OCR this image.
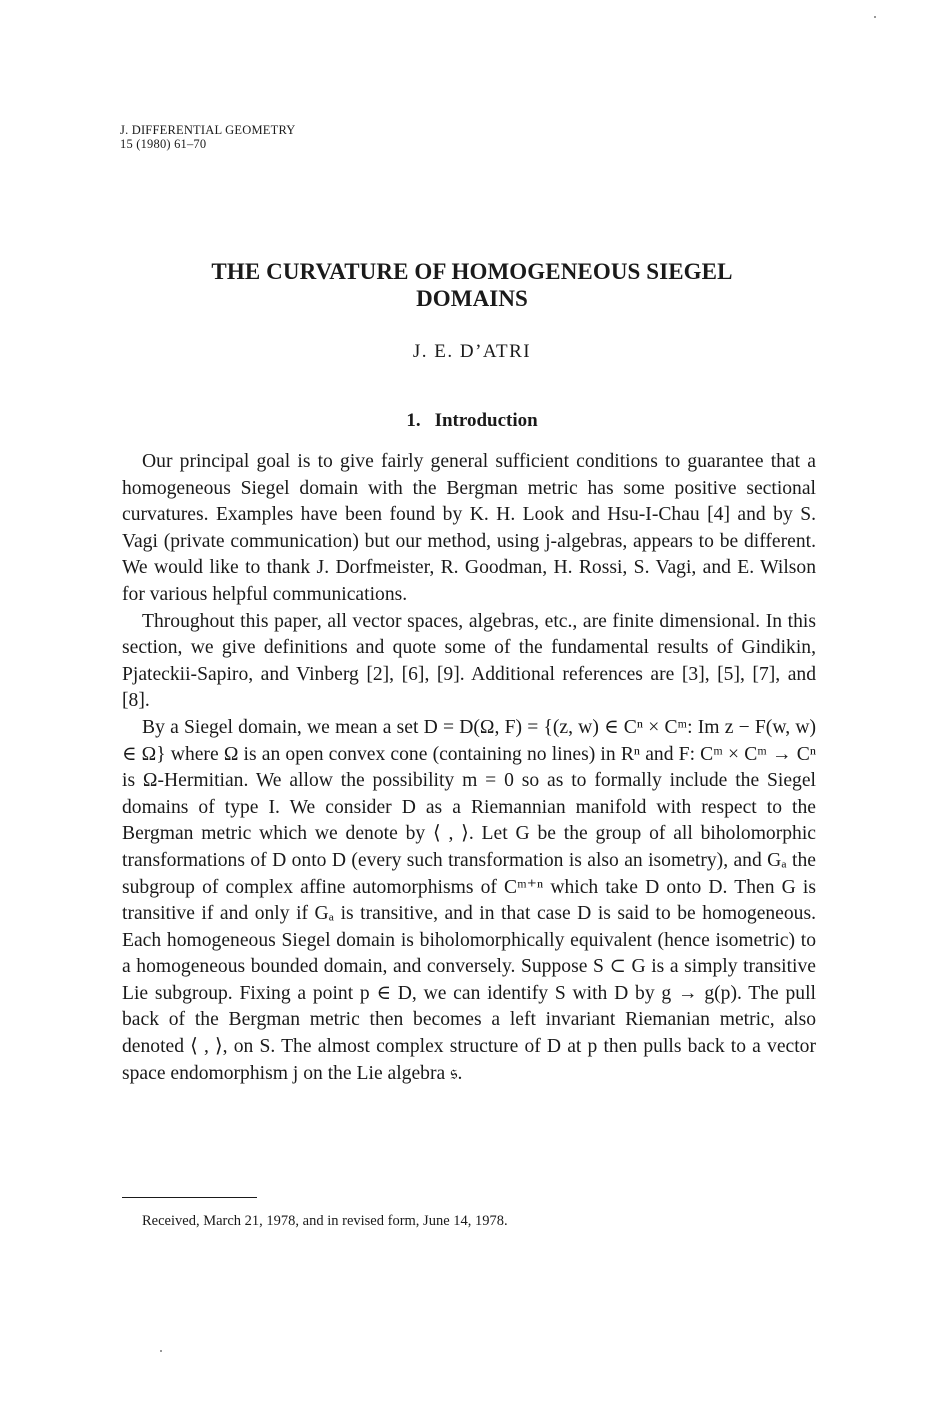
J. DIFFERENTIAL GEOMETRY
15 (1980) 61–70
THE CURVATURE OF HOMOGENEOUS SIEGEL
DOMAINS
J. E. D’ATRI
1. Introduction

Our principal goal is to give fairly general sufficient conditions to guarantee that a homogeneous Siegel domain with the Bergman metric has some positive sectional curvatures. Examples have been found by K. H. Look and Hsu-I-Chau [4] and by S. Vagi (private communication) but our method, using j-algebras, appears to be different. We would like to thank J. Dorfmeister, R. Goodman, H. Rossi, S. Vagi, and E. Wilson for various helpful communications.

Throughout this paper, all vector spaces, algebras, etc., are finite dimensional. In this section, we give definitions and quote some of the fundamental results of Gindikin, Pjateckii-Sapiro, and Vinberg [2], [6], [9]. Additional references are [3], [5], [7], and [8].

By a Siegel domain, we mean a set D = D(Ω, F) = {(z, w) ∈ Cⁿ × Cᵐ: Im z − F(w, w) ∈ Ω} where Ω is an open convex cone (containing no lines) in Rⁿ and F: Cᵐ × Cᵐ → Cⁿ is Ω-Hermitian. We allow the possibility m = 0 so as to formally include the Siegel domains of type I. We consider D as a Riemannian manifold with respect to the Bergman metric which we denote by ⟨ , ⟩. Let G be the group of all biholomorphic transformations of D onto D (every such transformation is also an isometry), and Gₐ the subgroup of complex affine automorphisms of Cᵐ⁺ⁿ which take D onto D. Then G is transitive if and only if Gₐ is transitive, and in that case D is said to be homogeneous. Each homogeneous Siegel domain is biholomorphically equivalent (hence isometric) to a homogeneous bounded domain, and conversely. Suppose S ⊂ G is a simply transitive Lie subgroup. Fixing a point p ∈ D, we can identify S with D by g → g(p). The pull back of the Bergman metric then becomes a left invariant Riemanian metric, also denoted ⟨ , ⟩, on S. The almost complex structure of D at p then pulls back to a vector space endomorphism j on the Lie algebra 𝔰.

Received, March 21, 1978, and in revised form, June 14, 1978.
